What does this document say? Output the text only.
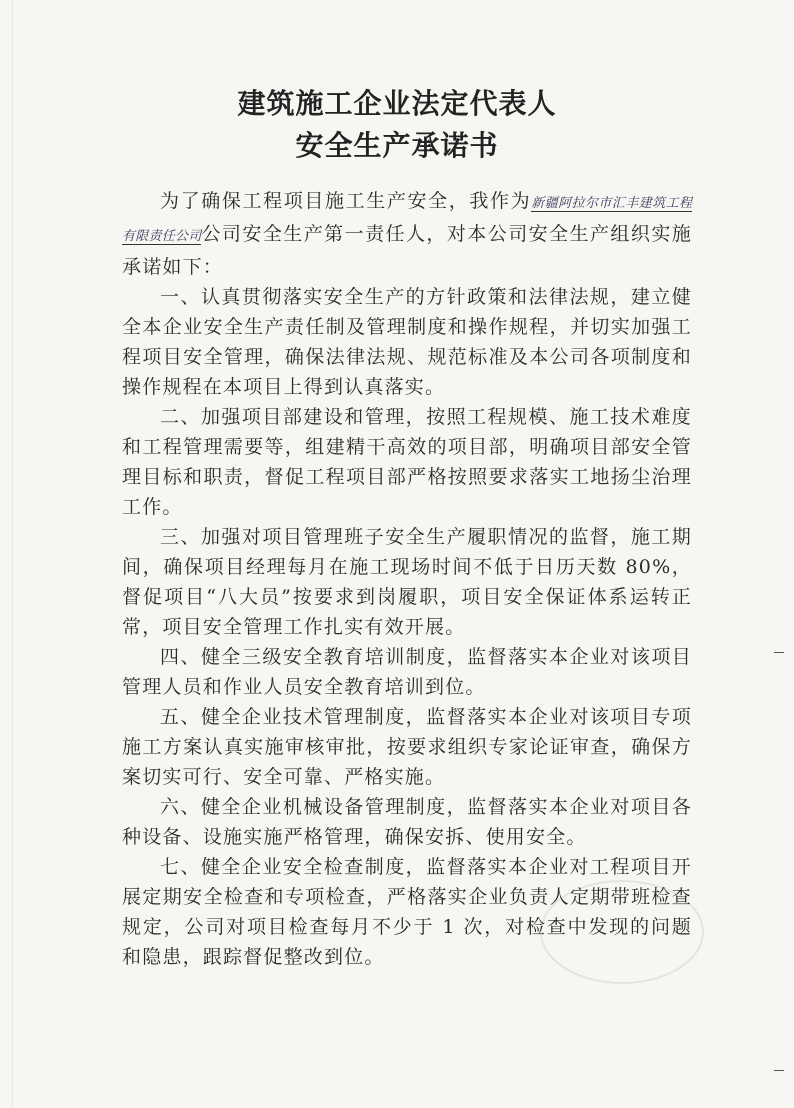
建筑施工企业法定代表人
安全生产承诺书

为了确保工程项目施工生产安全，我作为新疆阿拉尔市汇丰建筑工程有限责任公司公司安全生产第一责任人，对本公司安全生产组织实施承诺如下：

一、认真贯彻落实安全生产的方针政策和法律法规，建立健全本企业安全生产责任制及管理制度和操作规程，并切实加强工程项目安全管理，确保法律法规、规范标准及本公司各项制度和操作规程在本项目上得到认真落实。

二、加强项目部建设和管理，按照工程规模、施工技术难度和工程管理需要等，组建精干高效的项目部，明确项目部安全管理目标和职责，督促工程项目部严格按照要求落实工地扬尘治理工作。

三、加强对项目管理班子安全生产履职情况的监督，施工期间，确保项目经理每月在施工现场时间不低于日历天数 80%，督促项目“八大员”按要求到岗履职，项目安全保证体系运转正常，项目安全管理工作扎实有效开展。

四、健全三级安全教育培训制度，监督落实本企业对该项目管理人员和作业人员安全教育培训到位。

五、健全企业技术管理制度，监督落实本企业对该项目专项施工方案认真实施审核审批，按要求组织专家论证审查，确保方案切实可行、安全可靠、严格实施。

六、健全企业机械设备管理制度，监督落实本企业对项目各种设备、设施实施严格管理，确保安拆、使用安全。

七、健全企业安全检查制度，监督落实本企业对工程项目开展定期安全检查和专项检查，严格落实企业负责人定期带班检查规定，公司对项目检查每月不少于 1 次，对检查中发现的问题和隐患，跟踪督促整改到位。
